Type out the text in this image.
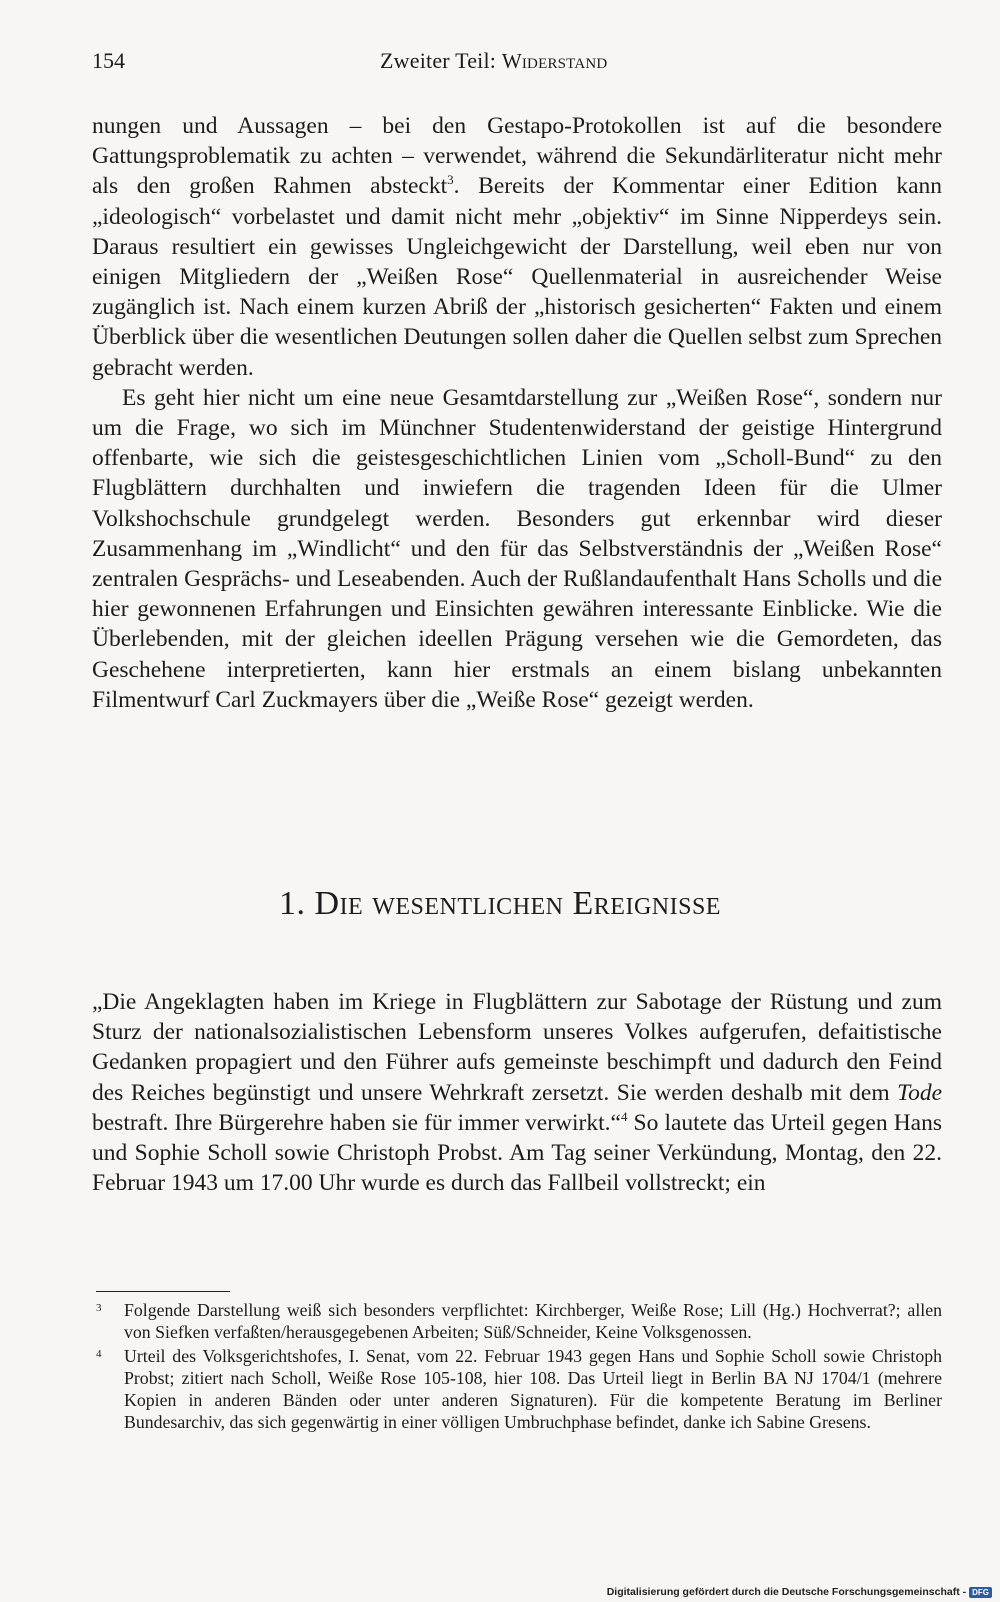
154	Zweiter Teil: Widerstand

nungen und Aussagen – bei den Gestapo-Protokollen ist auf die besondere Gattungsproblematik zu achten – verwendet, während die Sekundärliteratur nicht mehr als den großen Rahmen absteckt$^3$. Bereits der Kommentar einer Edition kann „ideologisch“ vorbelastet und damit nicht mehr „objektiv“ im Sinne Nipperdeys sein. Daraus resultiert ein gewisses Ungleichgewicht der Darstellung, weil eben nur von einigen Mitgliedern der „Weißen Rose“ Quellenmaterial in ausreichender Weise zugänglich ist. Nach einem kurzen Abriß der „historisch gesicherten“ Fakten und einem Überblick über die wesentlichen Deutungen sollen daher die Quellen selbst zum Sprechen gebracht werden.

Es geht hier nicht um eine neue Gesamtdarstellung zur „Weißen Rose“, sondern nur um die Frage, wo sich im Münchner Studentenwiderstand der geistige Hintergrund offenbarte, wie sich die geistesgeschichtlichen Linien vom „Scholl-Bund“ zu den Flugblättern durchhalten und inwiefern die tragenden Ideen für die Ulmer Volkshochschule grundgelegt werden. Besonders gut erkennbar wird dieser Zusammenhang im „Windlicht“ und den für das Selbstverständnis der „Weißen Rose“ zentralen Gesprächs- und Leseabenden. Auch der Rußlandaufenthalt Hans Scholls und die hier gewonnenen Erfahrungen und Einsichten gewähren interessante Einblicke. Wie die Überlebenden, mit der gleichen ideellen Prägung versehen wie die Gemordeten, das Geschehene interpretierten, kann hier erstmals an einem bislang unbekannten Filmentwurf Carl Zuckmayers über die „Weiße Rose“ gezeigt werden.

1. Die wesentlichen Ereignisse

„Die Angeklagten haben im Kriege in Flugblättern zur Sabotage der Rüstung und zum Sturz der nationalsozialistischen Lebensform unseres Volkes aufgerufen, defaitistische Gedanken propagiert und den Führer aufs gemeinste beschimpft und dadurch den Feind des Reiches begünstigt und unsere Wehrkraft zersetzt. Sie werden deshalb mit dem Tode bestraft. Ihre Bürgerehre haben sie für immer verwirkt.“$^4$ So lautete das Urteil gegen Hans und Sophie Scholl sowie Christoph Probst. Am Tag seiner Verkündung, Montag, den 22. Februar 1943 um 17.00 Uhr wurde es durch das Fallbeil vollstreckt; ein

3	Folgende Darstellung weiß sich besonders verpflichtet: Kirchberger, Weiße Rose; Lill (Hg.) Hochverrat?; allen von Siefken verfaßten/herausgegebenen Arbeiten; Süß/Schneider, Keine Volksgenossen.
4	Urteil des Volksgerichtshofes, I. Senat, vom 22. Februar 1943 gegen Hans und Sophie Scholl sowie Christoph Probst; zitiert nach Scholl, Weiße Rose 105-108, hier 108. Das Urteil liegt in Berlin BA NJ 1704/1 (mehrere Kopien in anderen Bänden oder unter anderen Signaturen). Für die kompetente Beratung im Berliner Bundesarchiv, das sich gegenwärtig in einer völligen Umbruchphase befindet, danke ich Sabine Gresens.
Digitalisierung gefördert durch die Deutsche Forschungsgemeinschaft - DFG
